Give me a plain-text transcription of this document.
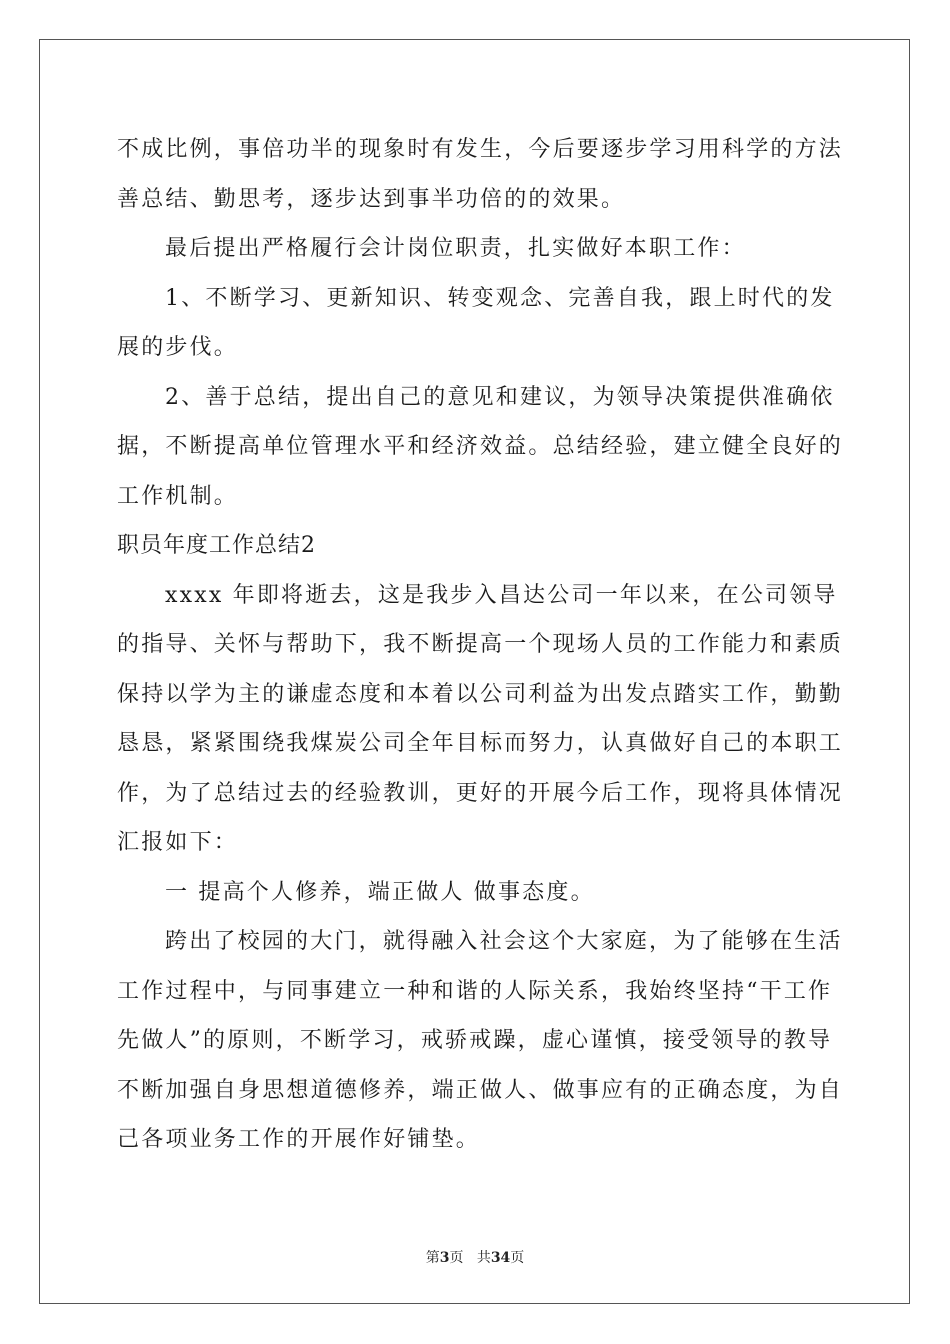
不成比例，事倍功半的现象时有发生，今后要逐步学习用科学的方法
善总结、勤思考，逐步达到事半功倍的的效果。
最后提出严格履行会计岗位职责，扎实做好本职工作：
1、不断学习、更新知识、转变观念、完善自我，跟上时代的发
展的步伐。
2、善于总结，提出自己的意见和建议，为领导决策提供准确依
据，不断提高单位管理水平和经济效益。总结经验，建立健全良好的
工作机制。
职员年度工作总结2
xxxx 年即将逝去，这是我步入昌达公司一年以来，在公司领导
的指导、关怀与帮助下，我不断提高一个现场人员的工作能力和素质
保持以学为主的谦虚态度和本着以公司利益为出发点踏实工作，勤勤
恳恳，紧紧围绕我煤炭公司全年目标而努力，认真做好自己的本职工
作，为了总结过去的经验教训，更好的开展今后工作，现将具体情况
汇报如下：
一 提高个人修养，端正做人 做事态度。
跨出了校园的大门，就得融入社会这个大家庭，为了能够在生活
工作过程中，与同事建立一种和谐的人际关系，我始终坚持“干工作
先做人”的原则，不断学习，戒骄戒躁，虚心谨慎，接受领导的教导
不断加强自身思想道德修养，端正做人、做事应有的正确态度，为自
己各项业务工作的开展作好铺垫。
第3页 共34页
